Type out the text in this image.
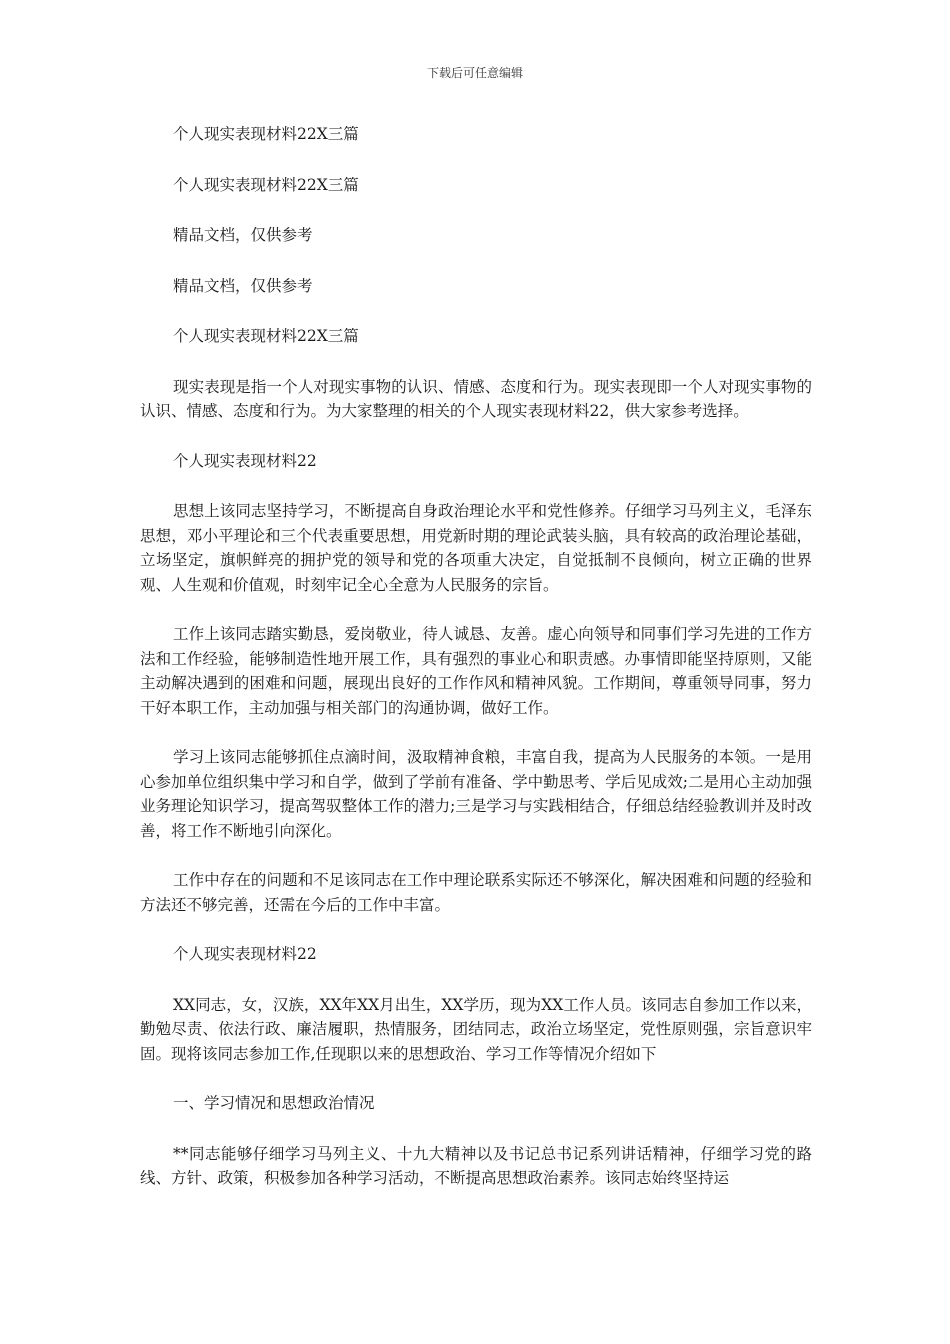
下载后可任意编辑

个人现实表现材料22X三篇

个人现实表现材料22X三篇

精品文档，仅供参考

精品文档，仅供参考

个人现实表现材料22X三篇

现实表现是指一个人对现实事物的认识、情感、态度和行为。现实表现即一个人对现实事物的认识、情感、态度和行为。为大家整理的相关的个人现实表现材料22，供大家参考选择。

个人现实表现材料22

思想上该同志坚持学习，不断提高自身政治理论水平和党性修养。仔细学习马列主义，毛泽东思想，邓小平理论和三个代表重要思想，用党新时期的理论武装头脑，具有较高的政治理论基础，立场坚定，旗帜鲜亮的拥护党的领导和党的各项重大决定，自觉抵制不良倾向，树立正确的世界观、人生观和价值观，时刻牢记全心全意为人民服务的宗旨。

工作上该同志踏实勤恳，爱岗敬业，待人诚恳、友善。虚心向领导和同事们学习先进的工作方法和工作经验，能够制造性地开展工作，具有强烈的事业心和职责感。办事情即能坚持原则，又能主动解决遇到的困难和问题，展现出良好的工作作风和精神风貌。工作期间，尊重领导同事，努力干好本职工作，主动加强与相关部门的沟通协调，做好工作。

学习上该同志能够抓住点滴时间，汲取精神食粮，丰富自我，提高为人民服务的本领。一是用心参加单位组织集中学习和自学，做到了学前有准备、学中勤思考、学后见成效;二是用心主动加强业务理论知识学习，提高驾驭整体工作的潜力;三是学习与实践相结合，仔细总结经验教训并及时改善，将工作不断地引向深化。

工作中存在的问题和不足该同志在工作中理论联系实际还不够深化，解决困难和问题的经验和方法还不够完善，还需在今后的工作中丰富。

个人现实表现材料22

XX同志，女，汉族，XX年XX月出生，XX学历，现为XX工作人员。该同志自参加工作以来，勤勉尽责、依法行政、廉洁履职，热情服务，团结同志，政治立场坚定，党性原则强，宗旨意识牢固。现将该同志参加工作,任现职以来的思想政治、学习工作等情况介绍如下

一、学习情况和思想政治情况

**同志能够仔细学习马列主义、十九大精神以及书记总书记系列讲话精神，仔细学习党的路线、方针、政策，积极参加各种学习活动，不断提高思想政治素养。该同志始终坚持运
